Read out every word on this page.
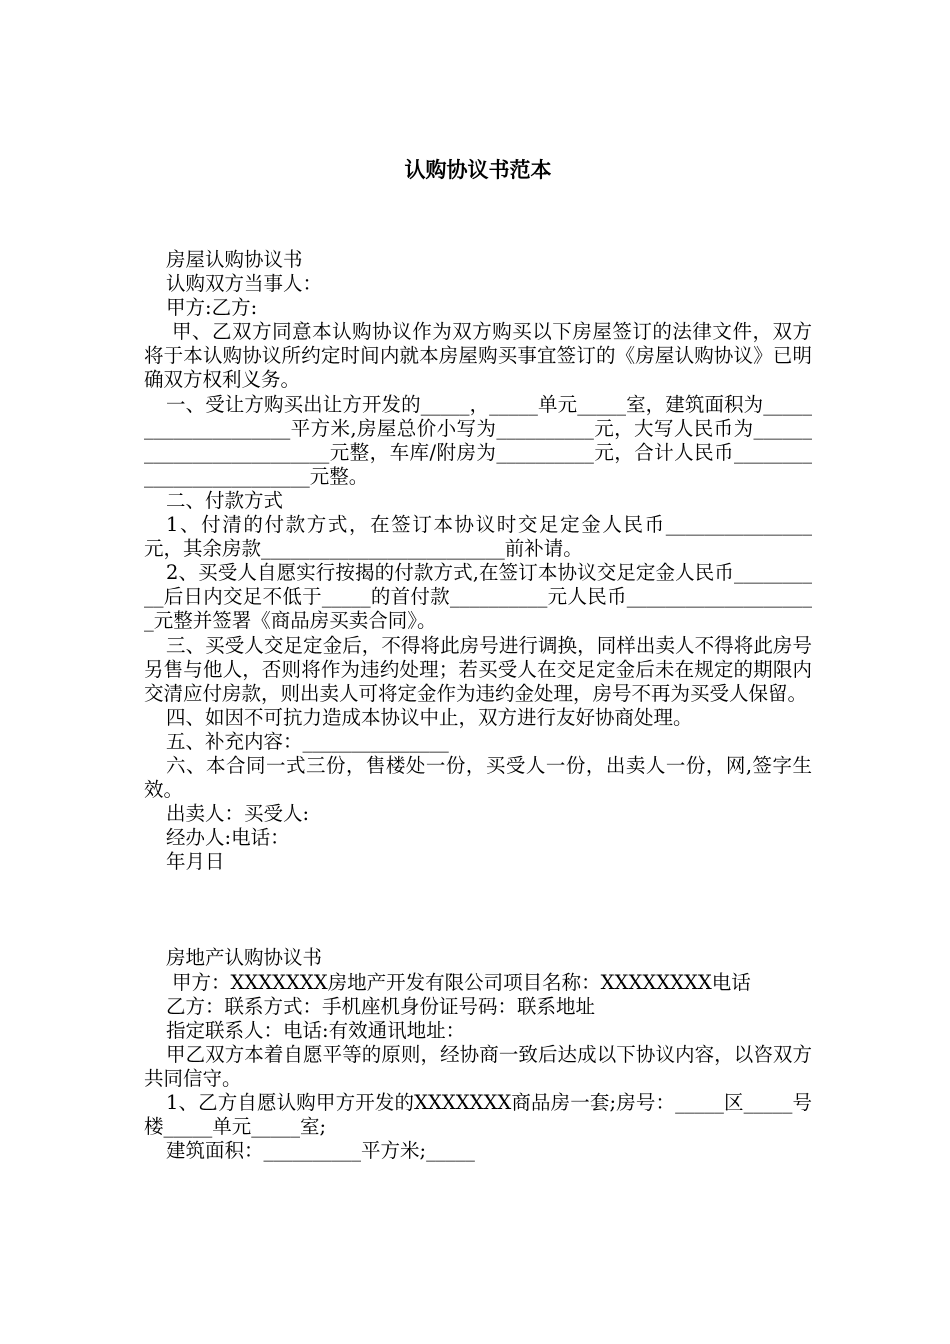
认购协议书范本

房屋认购协议书

认购双方当事人：

甲方:乙方:

甲、乙双方同意本认购协议作为双方购买以下房屋签订的法律文件，双方将于本认购协议所约定时间内就本房屋购买事宜签订的《房屋认购协议》已明确双方权利义务。

一、受让方购买出让方开发的_____，_____单元_____室，建筑面积为____________________平方米,房屋总价小写为__________元，大写人民币为_________________________元整，车库/附房为__________元，合计人民币_________________________元整。

二、付款方式

1、付清的付款方式，在签订本协议时交足定金人民币_______________元，其余房款_________________________前补请。

2、买受人自愿实行按揭的付款方式,在签订本协议交足定金人民币__________后日内交足不低于_____的首付款__________元人民币____________________元整并签署《商品房买卖合同》。

三、买受人交足定金后，不得将此房号进行调换，同样出卖人不得将此房号另售与他人，否则将作为违约处理；若买受人在交足定金后未在规定的期限内交清应付房款，则出卖人可将定金作为违约金处理，房号不再为买受人保留。

四、如因不可抗力造成本协议中止，双方进行友好协商处理。

五、补充内容：_______________

六、本合同一式三份，售楼处一份，买受人一份，出卖人一份，网,签字生效。

出卖人：买受人:

经办人:电话：

年月日

房地产认购协议书

甲方：XXXXXXX房地产开发有限公司项目名称：XXXXXXXX电话

乙方：联系方式：手机座机身份证号码：联系地址

指定联系人：电话:有效通讯地址：

甲乙双方本着自愿平等的原则，经协商一致后达成以下协议内容，以咨双方共同信守。

1、乙方自愿认购甲方开发的XXXXXXX商品房一套;房号：_____区_____号楼_____单元_____室;

建筑面积：__________平方米;_____
